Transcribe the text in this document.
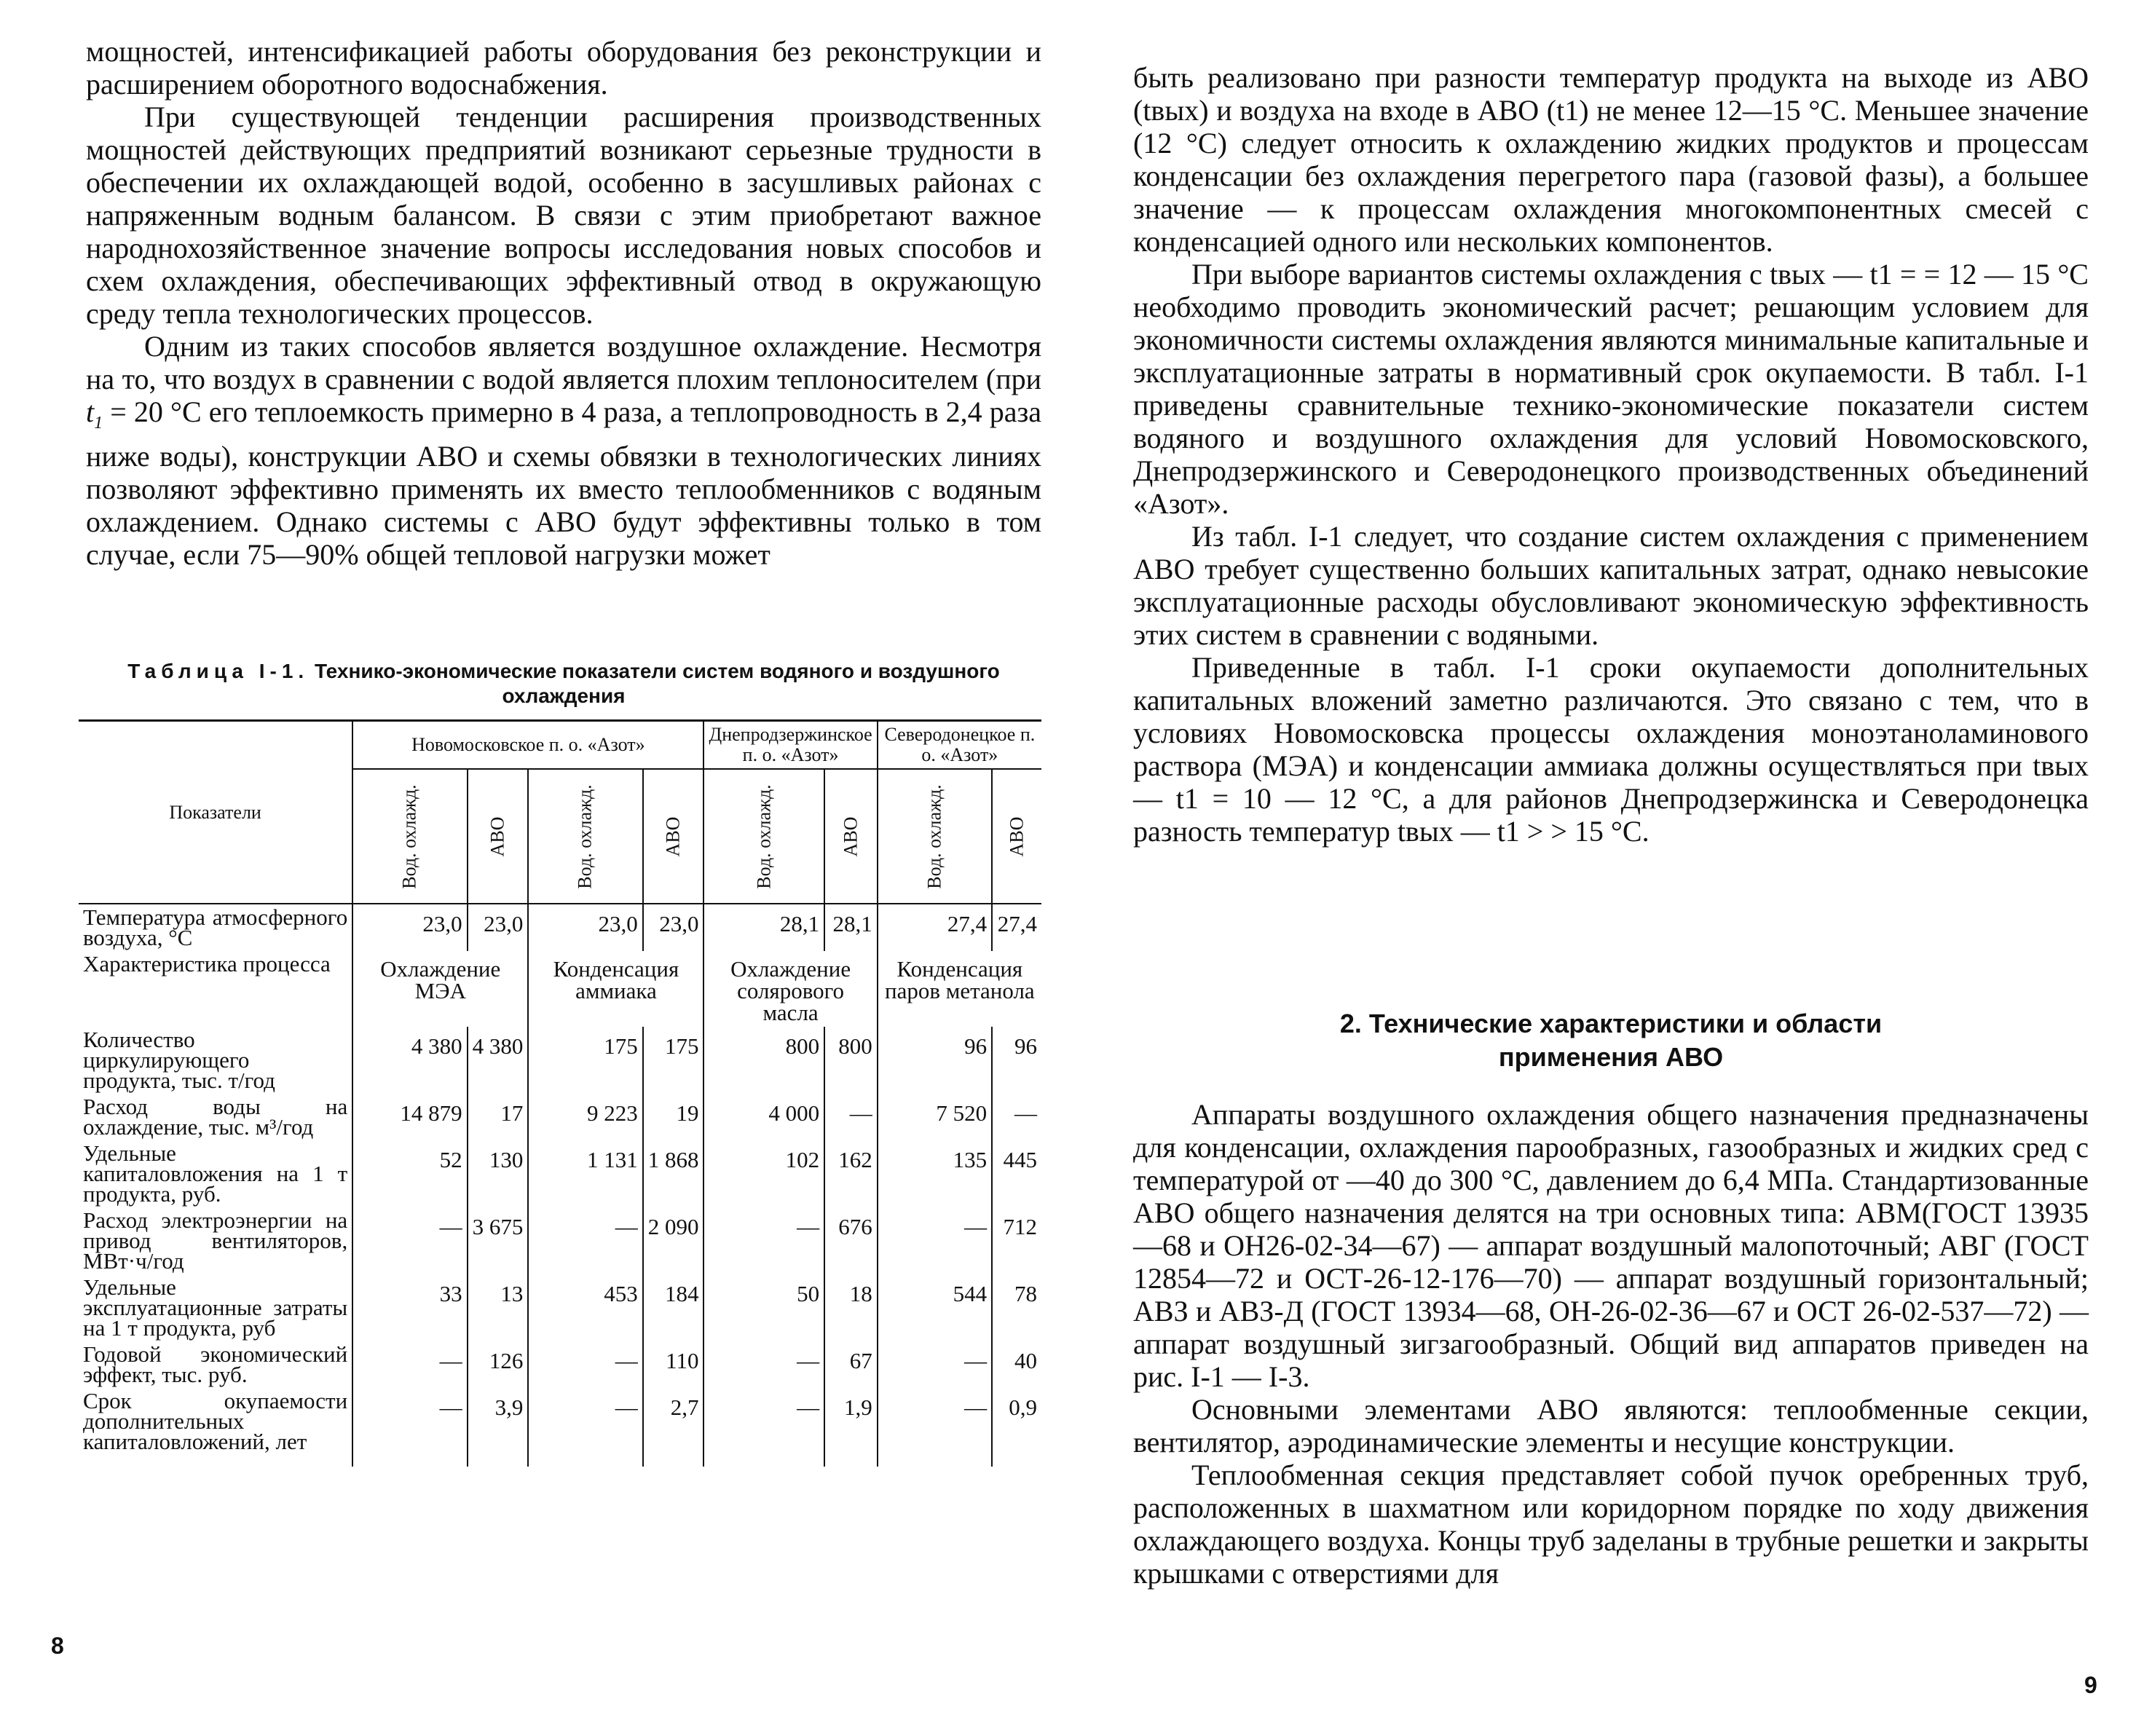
мощностей, интенсификацией работы оборудования без реконструкции и расширением оборотного водоснабжения.

При существующей тенденции расширения производственных мощностей действующих предприятий возникают серьезные трудности в обеспечении их охлаждающей водой, особенно в засушливых районах с напряженным водным балансом. В связи с этим приобретают важное народнохозяйственное значение вопросы исследования новых способов и схем охлаждения, обеспечивающих эффективный отвод в окружающую среду тепла технологических процессов.

Одним из таких способов является воздушное охлаждение. Несмотря на то, что воздух в сравнении с водой является плохим теплоносителем (при $t_1 = 20$ °С его теплоемкость примерно в 4 раза, а теплопроводность в 2,4 раза ниже воды), конструкции АВО и схемы обвязки в технологических линиях позволяют эффективно применять их вместо теплообменников с водяным охлаждением. Однако системы с АВО будут эффективны только в том случае, если 75—90% общей тепловой нагрузки может

Таблица I-1. Технико-экономические показатели систем водяного и воздушного охлаждения
Показатели	Новомосковское п. о. «Азот»				Днепродзержинское п. о. «Азот»		Северодонецкое п. о. «Азот»	
	Вод. охлажд.	АВО	Вод. охлажд.	АВО	Вод. охлажд.	АВО	Вод. охлажд.	АВО
Температура атмосферного воздуха, °С	23,0	23,0	23,0	23,0	28,1	28,1	27,4	27,4
Характеристика процесса	Охлаждение МЭА		Конденсация аммиака		Охлаждение солярового масла		Конденсация паров метанола	
Количество циркулирующего продукта, тыс. т/год	4 380	4 380	175	175	800	800	96	96
Расход воды на охлаждение, тыс. м³/год	14 879	17	9 223	19	4 000	—	7 520	—
Удельные капиталовложения на 1 т продукта, руб.	52	130	1 131	1 868	102	162	135	445
Расход электроэнергии на привод вентиляторов, МВт·ч/год	—	3 675	—	2 090	—	676	—	712
Удельные эксплуатационные затраты на 1 т продукта, руб	33	13	453	184	50	18	544	78
Годовой экономический эффект, тыс. руб.	—	126	—	110	—	67	—	40
Срок окупаемости дополнительных капиталовложений, лет	—	3,9	—	2,7	—	1,9	—	0,9
8

быть реализовано при разности температур продукта на выходе из АВО (tвых) и воздуха на входе в АВО (t1) не менее 12—15 °С. Меньшее значение (12 °С) следует относить к охлаждению жидких продуктов и процессам конденсации без охлаждения перегретого пара (газовой фазы), а большее значение — к процессам охлаждения многокомпонентных смесей с конденсацией одного или нескольких компонентов.

При выборе вариантов системы охлаждения с tвых — t1 = = 12 — 15 °С необходимо проводить экономический расчет; решающим условием для экономичности системы охлаждения являются минимальные капитальные и эксплуатационные затраты в нормативный срок окупаемости. В табл. I-1 приведены сравнительные технико-экономические показатели систем водяного и воздушного охлаждения для условий Новомосковского, Днепродзержинского и Северодонецкого производственных объединений «Азот».

Из табл. I-1 следует, что создание систем охлаждения с применением АВО требует существенно больших капитальных затрат, однако невысокие эксплуатационные расходы обусловливают экономическую эффективность этих систем в сравнении с водяными.

Приведенные в табл. I-1 сроки окупаемости дополнительных капитальных вложений заметно различаются. Это связано с тем, что в условиях Новомосковска процессы охлаждения моноэтаноламинового раствора (МЭА) и конденсации аммиака должны осуществляться при tвых — t1 = 10 — 12 °С, а для районов Днепродзержинска и Северодонецка разность температур tвых — t1 > > 15 °С.

2. Технические характеристики и области
применения АВО

Аппараты воздушного охлаждения общего назначения предназначены для конденсации, охлаждения парообразных, газообразных и жидких сред с температурой от —40 до 300 °С, давлением до 6,4 МПа. Стандартизованные АВО общего назначения делятся на три основных типа: АВМ(ГОСТ 13935—68 и ОН26-02-34—67) — аппарат воздушный малопоточный; АВГ (ГОСТ 12854—72 и ОСТ-26-12-176—70) — аппарат воздушный горизонтальный; АВЗ и АВЗ-Д (ГОСТ 13934—68, ОН-26-02-36—67 и ОСТ 26-02-537—72) — аппарат воздушный зигзагообразный. Общий вид аппаратов приведен на рис. I-1 — I-3.

Основными элементами АВО являются: теплообменные секции, вентилятор, аэродинамические элементы и несущие конструкции.

Теплообменная секция представляет собой пучок оребренных труб, расположенных в шахматном или коридорном порядке по ходу движения охлаждающего воздуха. Концы труб заделаны в трубные решетки и закрыты крышками с отверстиями для

9
